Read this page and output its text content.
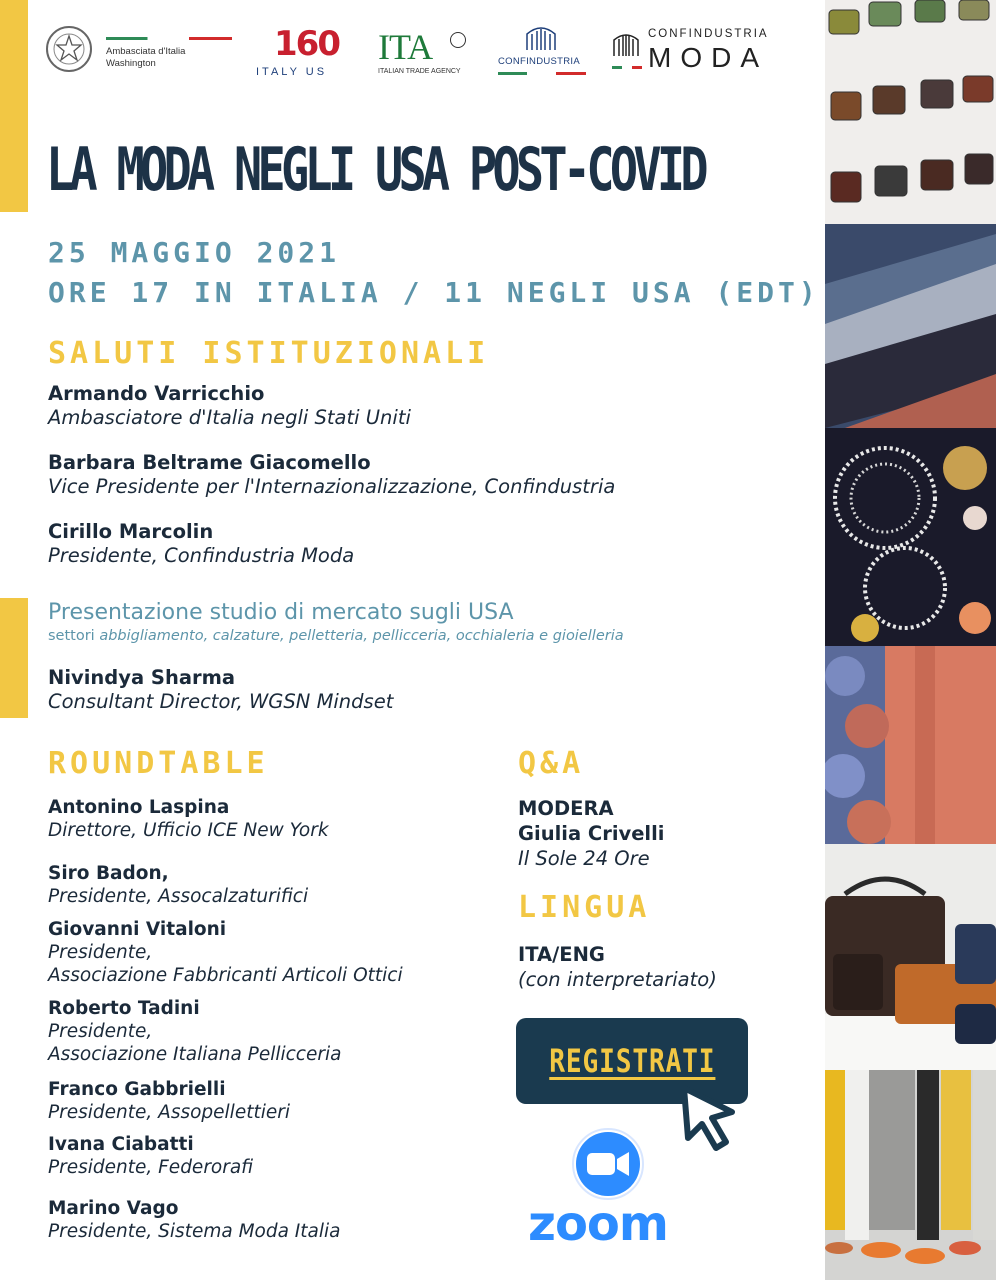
Ambasciata d'Italia
Washington	160
ITALY US
ITA
ITALIAN TRADE AGENCY
CONFINDUSTRIA
CONFINDUSTRIA
MODA
LA MODA NEGLI USA POST-COVID
25 MAGGIO 2021
ORE 17 IN ITALIA / 11 NEGLI USA (EDT)
SALUTI ISTITUZIONALI
Armando Varricchio
Ambasciatore d'Italia negli Stati Uniti
Barbara Beltrame Giacomello
Vice Presidente per l'Internazionalizzazione, Confindustria
Cirillo Marcolin
Presidente, Confindustria Moda
Presentazione studio di mercato sugli USA
settori abbigliamento, calzature, pelletteria, pellicceria, occhialeria e gioielleria
Nivindya Sharma
Consultant Director, WGSN Mindset
ROUNDTABLE
Antonino Laspina
Direttore, Ufficio ICE New York
Siro Badon,
Presidente, Assocalzaturifici
Giovanni Vitaloni
Presidente,
Associazione Fabbricanti Articoli Ottici
Roberto Tadini
Presidente,
Associazione Italiana Pellicceria
Franco Gabbrielli
Presidente, Assopellettieri
Ivana Ciabatti
Presidente, Federorafi
Marino Vago
Presidente, Sistema Moda Italia
Q&A
MODERA
Giulia Crivelli
Il Sole 24 Ore
LINGUA
ITA/ENG
(con interpretariato)
REGISTRATI
zoom
